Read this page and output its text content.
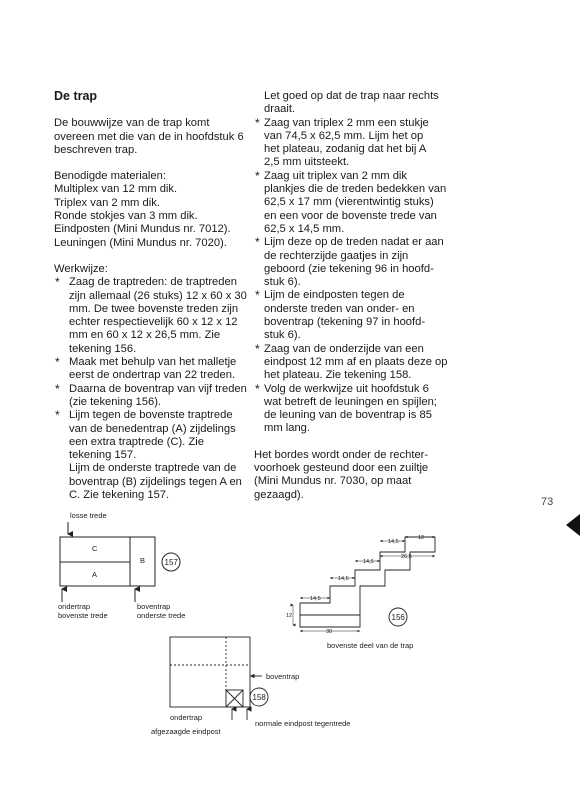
De trap

De bouwwijze van de trap komt

overeen met die van de in hoofdstuk 6

beschreven trap.

Benodigde materialen:

Multiplex van 12 mm dik.

Triplex van 2 mm dik.

Ronde stokjes van 3 mm dik.

Eindposten (Mini Mundus nr. 7012).

Leuningen (Mini Mundus nr. 7020).

Werkwijze:

* Zaag de traptreden: de traptreden

zijn allemaal (26 stuks) 12 x 60 x 30

mm. De twee bovenste treden zijn

echter respectievelijk 60 x 12 x 12

mm en 60 x 12 x 26,5 mm. Zie

tekening 156.

* Maak met behulp van het malletje

eerst de ondertrap van 22 treden.

* Daarna de boventrap van vijf treden

(zie tekening 156).

* Lijm tegen de bovenste traptrede

van de benedentrap (A) zijdelings

een extra traptrede (C). Zie

tekening 157.

Lijm de onderste traptrede van de

boventrap (B) zijdelings tegen A en

C. Zie tekening 157.

Let goed op dat de trap naar rechts

draait.

* Zaag van triplex 2 mm een stukje

van 74,5 x 62,5 mm. Lijm het op

het plateau, zodanig dat het bij A

2,5 mm uitsteekt.

* Zaag uit triplex van 2 mm dik

plankjes die de treden bedekken van

62,5 x 17 mm (vierentwintig stuks)

en een voor de bovenste trede van

62,5 x 14,5 mm.

* Lijm deze op de treden nadat er aan

de rechterzijde gaatjes in zijn

geboord (zie tekening 96 in hoofd-

stuk 6).

* Lijm de eindposten tegen de

onderste treden van onder- en

boventrap (tekening 97 in hoofd-

stuk 6).

* Zaag van de onderzijde van een

eindpost 12 mm af en plaats deze op

het plateau. Zie tekening 158.

* Volg de werkwijze uit hoofdstuk 6

wat betreft de leuningen en spijlen;

de leuning van de boventrap is 85

mm lang.

Het bordes wordt onder de rechter-

voorhoek gesteund door een zuiltje

(Mini Mundus nr. 7030, op maat

gezaagd).

73
losse trede
C
A
B 157
ondertrap
bovenste trede
boventrap
onderste trede
12
14,5
26,5
14,5
14,5
14,5
12
30
156
bovenste deel van de trap
boventrap
158
ondertrap
afgezaagde eindpost
normale eindpost tegentrede
